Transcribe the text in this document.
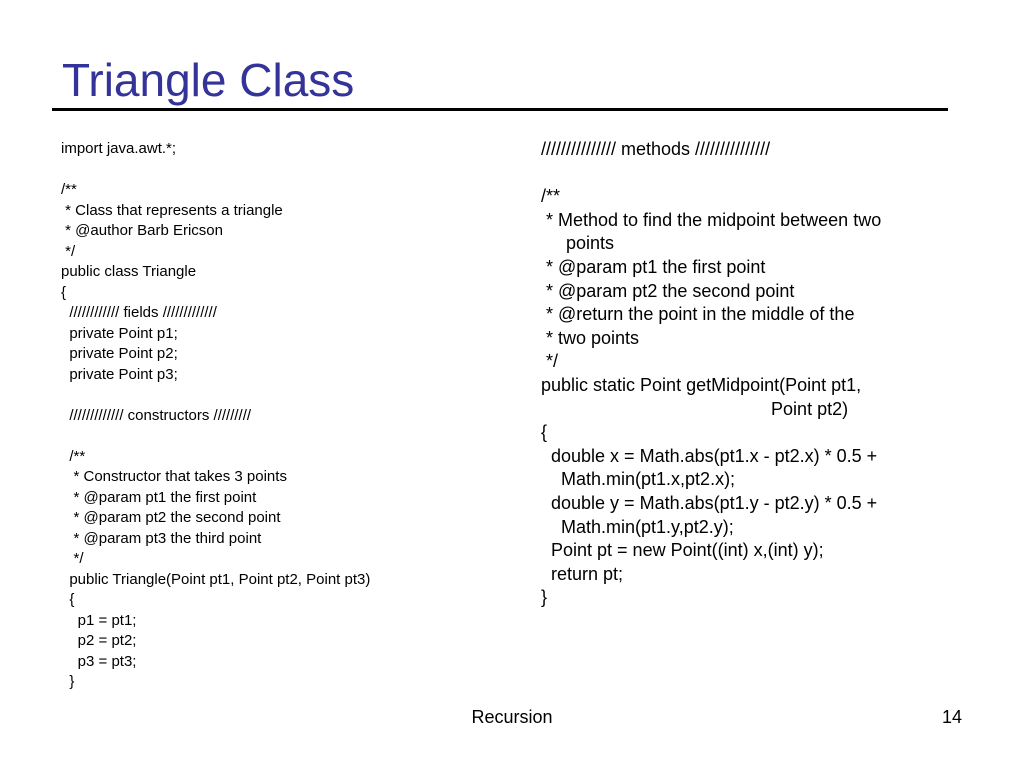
Triangle Class
import java.awt.*;
/**
* Class that represents a triangle
* @author Barb Ericson
*/
public class Triangle
{
//////////// fields /////////////
private Point p1;
private Point p2;
private Point p3;
///////////// constructors /////////
/**
* Constructor that takes 3 points
* @param pt1 the first point
* @param pt2 the second point
* @param pt3 the third point
*/
public Triangle(Point pt1, Point pt2, Point pt3)
{
p1 = pt1;
p2 = pt2;
p3 = pt3;
}
/////////////// methods ///////////////
/**
* Method to find the midpoint between two
points
* @param pt1 the first point
* @param pt2 the second point
* @return the point in the middle of the
* two points
*/
public static Point getMidpoint(Point pt1,
Point pt2)
{
double x = Math.abs(pt1.x - pt2.x) * 0.5 +
Math.min(pt1.x,pt2.x);
double y = Math.abs(pt1.y - pt2.y) * 0.5 +
Math.min(pt1.y,pt2.y);
Point pt = new Point((int) x,(int) y);
return pt;
}
Recursion	14
